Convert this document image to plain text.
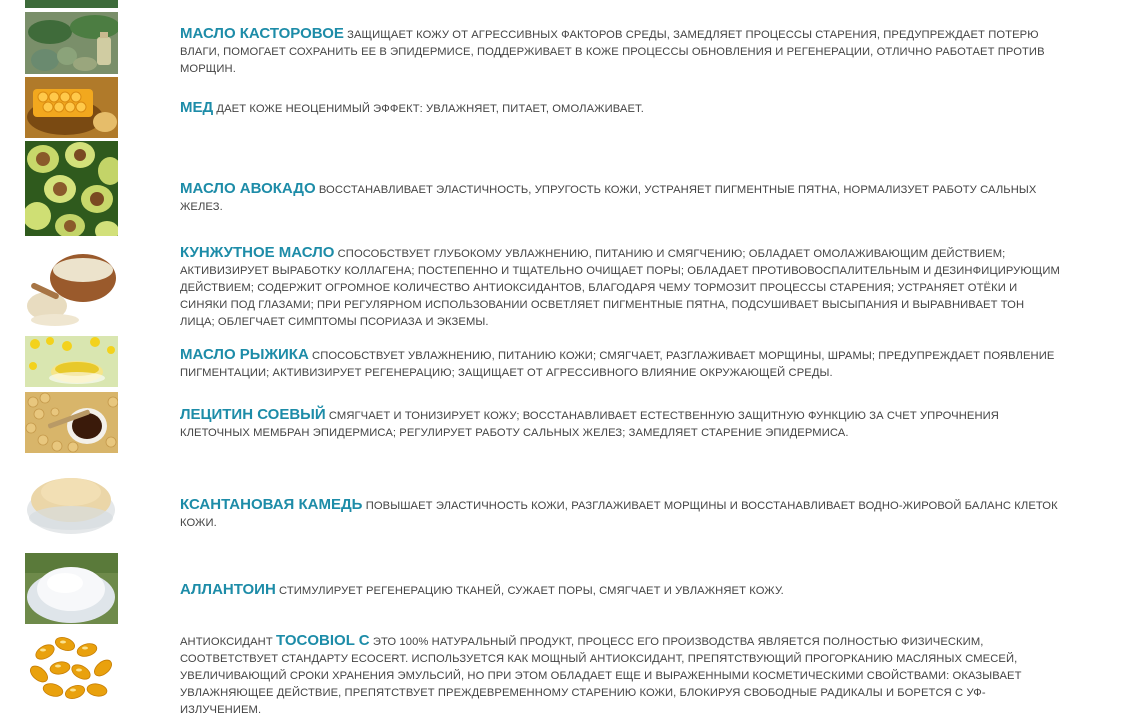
МАСЛО КАСТОРОВОЕ ЗАЩИЩАЕТ КОЖУ ОТ АГРЕССИВНЫХ ФАКТОРОВ СРЕДЫ, ЗАМЕДЛЯЕТ ПРОЦЕССЫ СТАРЕНИЯ, ПРЕДУПРЕЖДАЕТ ПОТЕРЮ ВЛАГИ, ПОМОГАЕТ СОХРАНИТЬ ЕЕ В ЭПИДЕРМИСЕ, ПОДДЕРЖИВАЕТ В КОЖЕ ПРОЦЕССЫ ОБНОВЛЕНИЯ И РЕГЕНЕРАЦИИ, ОТЛИЧНО РАБОТАЕТ ПРОТИВ МОРЩИН.
МЕД ДАЕТ КОЖЕ НЕОЦЕНИМЫЙ ЭФФЕКТ: УВЛАЖНЯЕТ, ПИТАЕТ, ОМОЛАЖИВАЕТ.
МАСЛО АВОКАДО ВОССТАНАВЛИВАЕТ ЭЛАСТИЧНОСТЬ, УПРУГОСТЬ КОЖИ, УСТРАНЯЕТ ПИГМЕНТНЫЕ ПЯТНА, НОРМАЛИЗУЕТ РАБОТУ САЛЬНЫХ ЖЕЛЕЗ.
КУНЖУТНОЕ МАСЛО СПОСОБСТВУЕТ ГЛУБОКОМУ УВЛАЖНЕНИЮ, ПИТАНИЮ И СМЯГЧЕНИЮ; ОБЛАДАЕТ ОМОЛАЖИВАЮЩИМ ДЕЙСТВИЕМ; АКТИВИЗИРУЕТ ВЫРАБОТКУ КОЛЛАГЕНА; ПОСТЕПЕННО И ТЩАТЕЛЬНО ОЧИЩАЕТ ПОРЫ; ОБЛАДАЕТ ПРОТИВОВОСПАЛИТЕЛЬНЫМ И ДЕЗИНФИЦИРУЮЩИМ ДЕЙСТВИЕМ; СОДЕРЖИТ ОГРОМНОЕ КОЛИЧЕСТВО АНТИОКСИДАНТОВ, БЛАГОДАРЯ ЧЕМУ ТОРМОЗИТ ПРОЦЕССЫ СТАРЕНИЯ; УСТРАНЯЕТ ОТЁКИ И СИНЯКИ ПОД ГЛАЗАМИ; ПРИ РЕГУЛЯРНОМ ИСПОЛЬЗОВАНИИ ОСВЕТЛЯЕТ ПИГМЕНТНЫЕ ПЯТНА, ПОДСУШИВАЕТ ВЫСЫПАНИЯ И ВЫРАВНИВАЕТ ТОН ЛИЦА; ОБЛЕГЧАЕТ СИМПТОМЫ ПСОРИАЗА И ЭКЗЕМЫ.
МАСЛО РЫЖИКА СПОСОБСТВУЕТ УВЛАЖНЕНИЮ, ПИТАНИЮ КОЖИ; СМЯГЧАЕТ, РАЗГЛАЖИВАЕТ МОРЩИНЫ, ШРАМЫ; ПРЕДУПРЕЖДАЕТ ПОЯВЛЕНИЕ ПИГМЕНТАЦИИ; АКТИВИЗИРУЕТ РЕГЕНЕРАЦИЮ; ЗАЩИЩАЕТ ОТ АГРЕССИВНОГО ВЛИЯНИЕ ОКРУЖАЮЩЕЙ СРЕДЫ.
ЛЕЦИТИН СОЕВЫЙ СМЯГЧАЕТ И ТОНИЗИРУЕТ КОЖУ; ВОССТАНАВЛИВАЕТ ЕСТЕСТВЕННУЮ ЗАЩИТНУЮ ФУНКЦИЮ ЗА СЧЕТ УПРОЧНЕНИЯ КЛЕТОЧНЫХ МЕМБРАН ЭПИДЕРМИСА; РЕГУЛИРУЕТ РАБОТУ САЛЬНЫХ ЖЕЛЕЗ; ЗАМЕДЛЯЕТ СТАРЕНИЕ ЭПИДЕРМИСА.
КСАНТАНОВАЯ КАМЕДЬ ПОВЫШАЕТ ЭЛАСТИЧНОСТЬ КОЖИ, РАЗГЛАЖИВАЕТ МОРЩИНЫ И ВОССТАНАВЛИВАЕТ ВОДНО-ЖИРОВОЙ БАЛАНС КЛЕТОК КОЖИ.
АЛЛАНТОИН СТИМУЛИРУЕТ РЕГЕНЕРАЦИЮ ТКАНЕЙ, СУЖАЕТ ПОРЫ, СМЯГЧАЕТ И УВЛАЖНЯЕТ КОЖУ.
АНТИОКСИДАНТ TOCOBIOL С ЭТО 100% НАТУРАЛЬНЫЙ ПРОДУКТ, ПРОЦЕСС ЕГО ПРОИЗВОДСТВА ЯВЛЯЕТСЯ ПОЛНОСТЬЮ ФИЗИЧЕСКИМ, СООТВЕТСТВУЕТ СТАНДАРТУ ECOCERT. ИСПОЛЬЗУЕТСЯ КАК МОЩНЫЙ АНТИОКСИДАНТ, ПРЕПЯТСТВУЮЩИЙ ПРОГОРКАНИЮ МАСЛЯНЫХ СМЕСЕЙ, УВЕЛИЧИВАЮЩИЙ СРОКИ ХРАНЕНИЯ ЭМУЛЬСИЙ, НО ПРИ ЭТОМ ОБЛАДАЕТ ЕЩЕ И ВЫРАЖЕННЫМИ КОСМЕТИЧЕСКИМИ СВОЙСТВАМИ: ОКАЗЫВАЕТ УВЛАЖНЯЮЩЕЕ ДЕЙСТВИЕ, ПРЕПЯТСТВУЕТ ПРЕЖДЕВРЕМЕННОМУ СТАРЕНИЮ КОЖИ, БЛОКИРУЯ СВОБОДНЫЕ РАДИКАЛЫ И БОРЕТСЯ С УФ-ИЗЛУЧЕНИЕМ.
